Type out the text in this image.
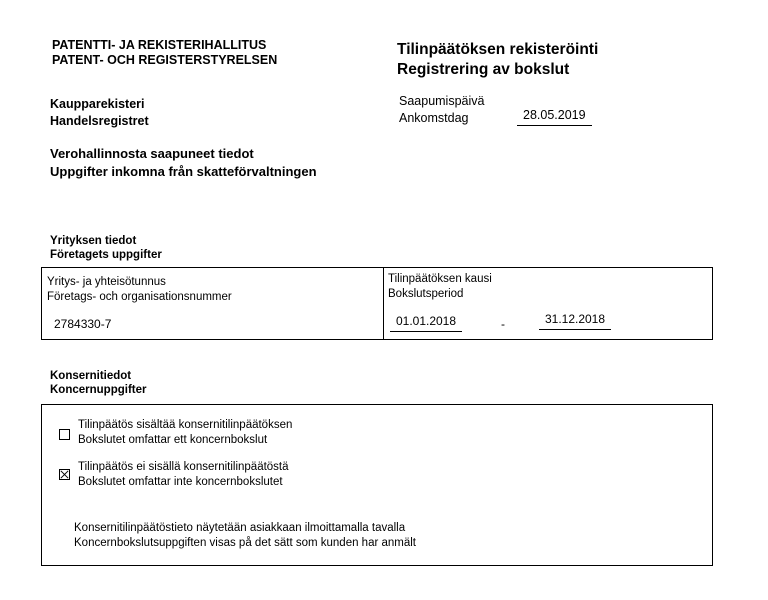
PATENTTI- JA REKISTERIHALLITUS
PATENT- OCH REGISTERSTYRELSEN
Tilinpäätöksen rekisteröinti
Registrering av bokslut
Kaupparekisteri
Handelsregistret
Saapumispäivä
Ankomstdag	28.05.2019
Verohallinnosta saapuneet tiedot
Uppgifter inkomna från skatteförvaltningen
Yrityksen tiedot
Företagets uppgifter
Yritys- ja yhteisötunnus
Företags- och organisationsnummer
2784330-7
Tilinpäätöksen kausi
Bokslutsperiod
01.01.2018	-	31.12.2018
Konsernitiedot
Koncernuppgifter
Tilinpäätös sisältää konsernitilinpäätöksen
Bokslutet omfattar ett koncernbokslut
Tilinpäätös ei sisällä konsernitilinpäätöstä
Bokslutet omfattar inte koncernbokslutet
Konsernitilinpäätöstieto näytetään asiakkaan ilmoittamalla tavalla
Koncernbokslutsuppgiften visas på det sätt som kunden har anmält
